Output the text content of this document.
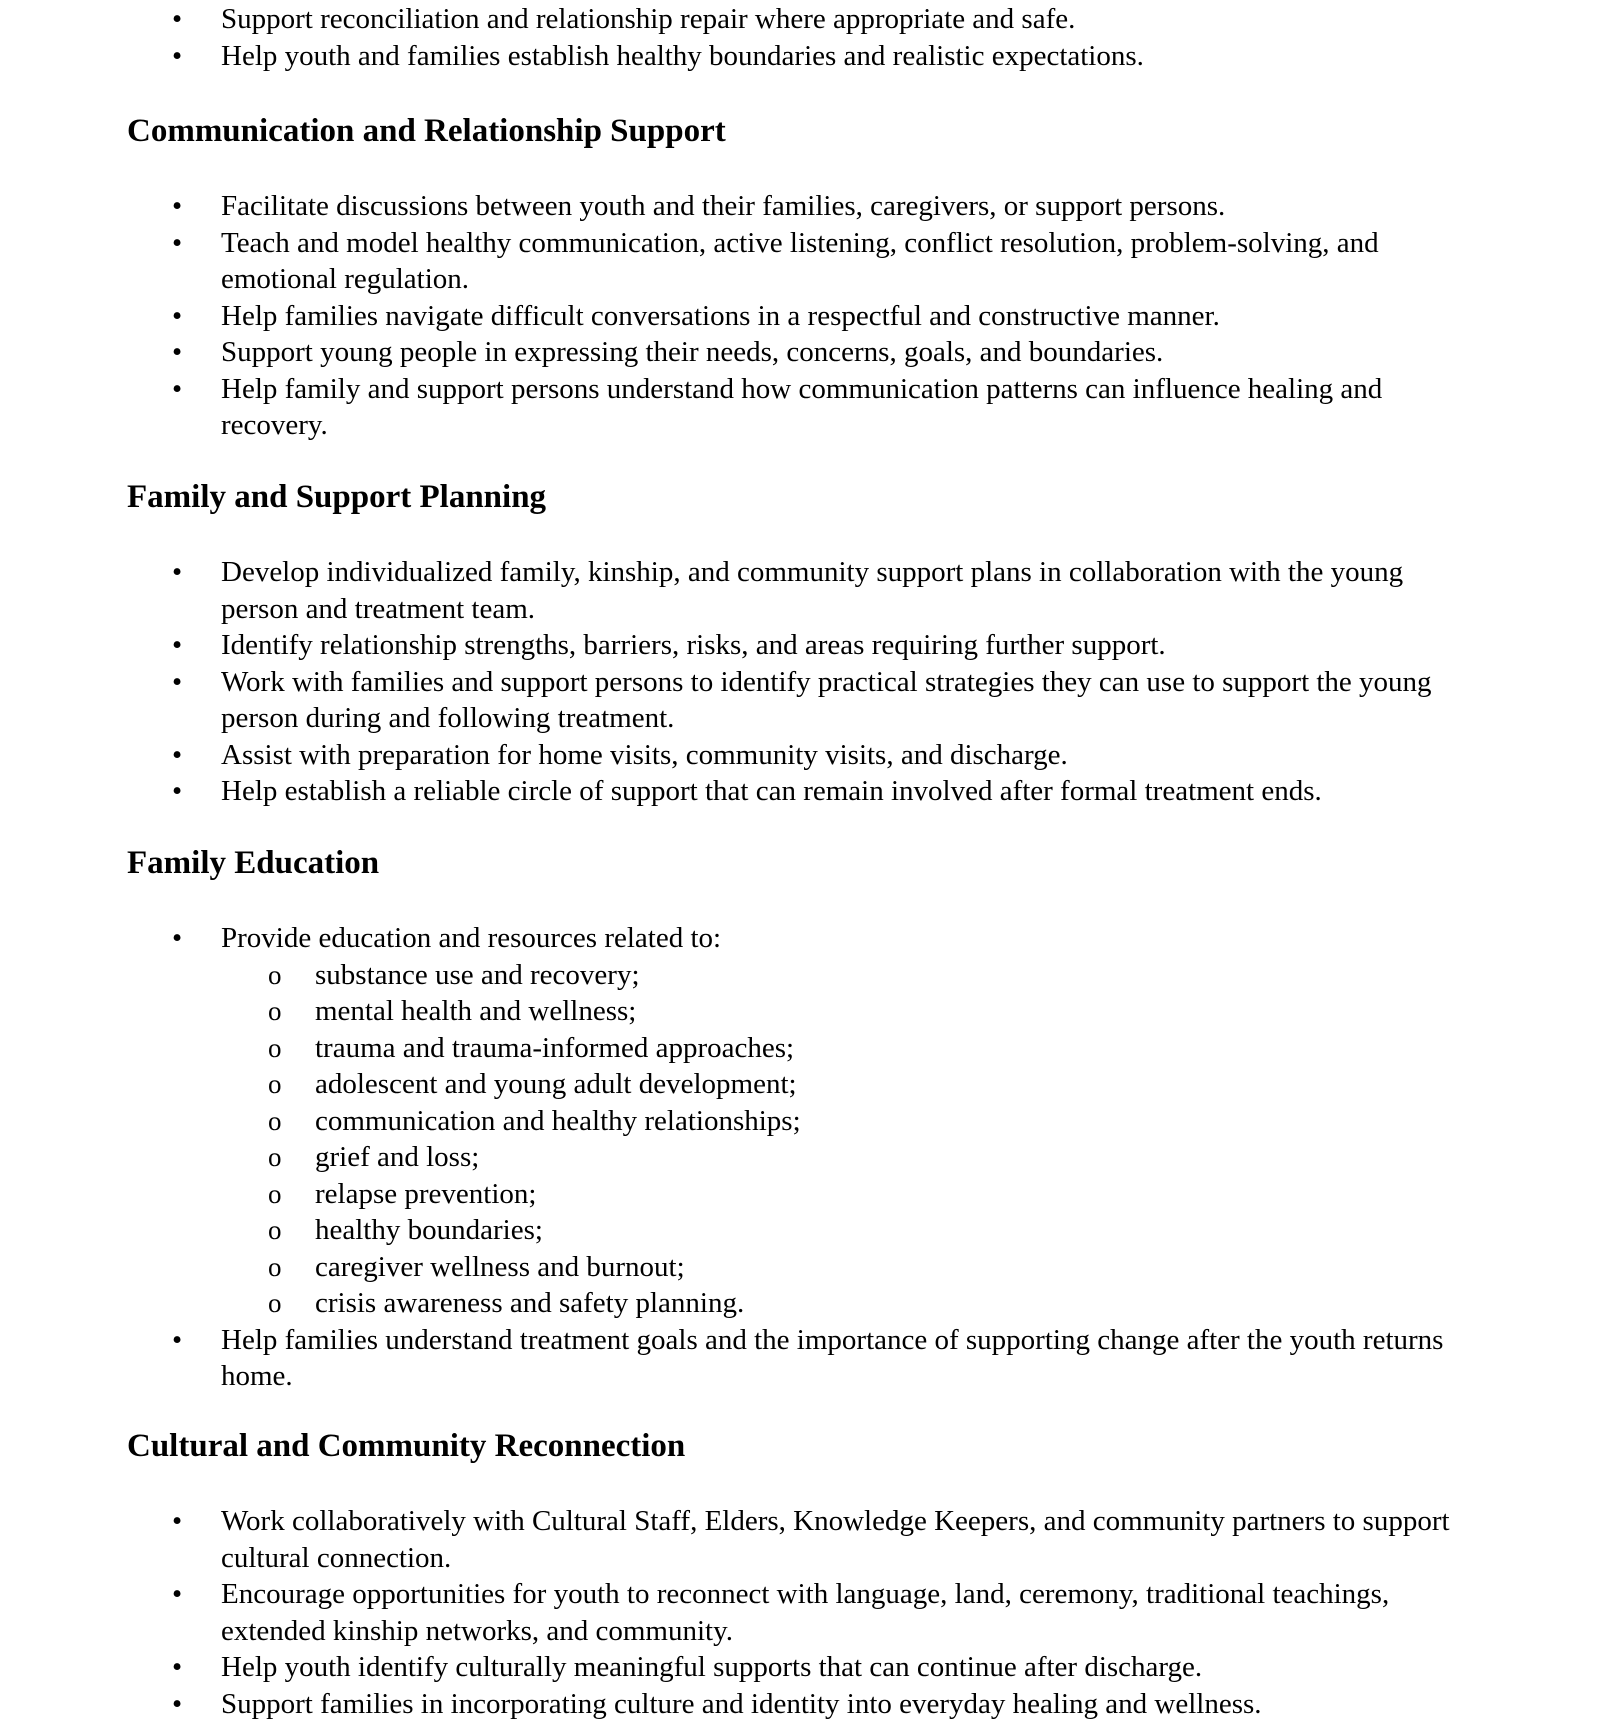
• Support reconciliation and relationship repair where appropriate and safe.
• Help youth and families establish healthy boundaries and realistic expectations.
Communication and Relationship Support
• Facilitate discussions between youth and their families, caregivers, or support persons.
• Teach and model healthy communication, active listening, conflict resolution, problem-solving, and emotional regulation.
• Help families navigate difficult conversations in a respectful and constructive manner.
• Support young people in expressing their needs, concerns, goals, and boundaries.
• Help family and support persons understand how communication patterns can influence healing and recovery.
Family and Support Planning
• Develop individualized family, kinship, and community support plans in collaboration with the young person and treatment team.
• Identify relationship strengths, barriers, risks, and areas requiring further support.
• Work with families and support persons to identify practical strategies they can use to support the young person during and following treatment.
• Assist with preparation for home visits, community visits, and discharge.
• Help establish a reliable circle of support that can remain involved after formal treatment ends.
Family Education
• Provide education and resources related to:
o substance use and recovery;
o mental health and wellness;
o trauma and trauma-informed approaches;
o adolescent and young adult development;
o communication and healthy relationships;
o grief and loss;
o relapse prevention;
o healthy boundaries;
o caregiver wellness and burnout;
o crisis awareness and safety planning.
• Help families understand treatment goals and the importance of supporting change after the youth returns home.
Cultural and Community Reconnection
• Work collaboratively with Cultural Staff, Elders, Knowledge Keepers, and community partners to support cultural connection.
• Encourage opportunities for youth to reconnect with language, land, ceremony, traditional teachings, extended kinship networks, and community.
• Help youth identify culturally meaningful supports that can continue after discharge.
• Support families in incorporating culture and identity into everyday healing and wellness.
